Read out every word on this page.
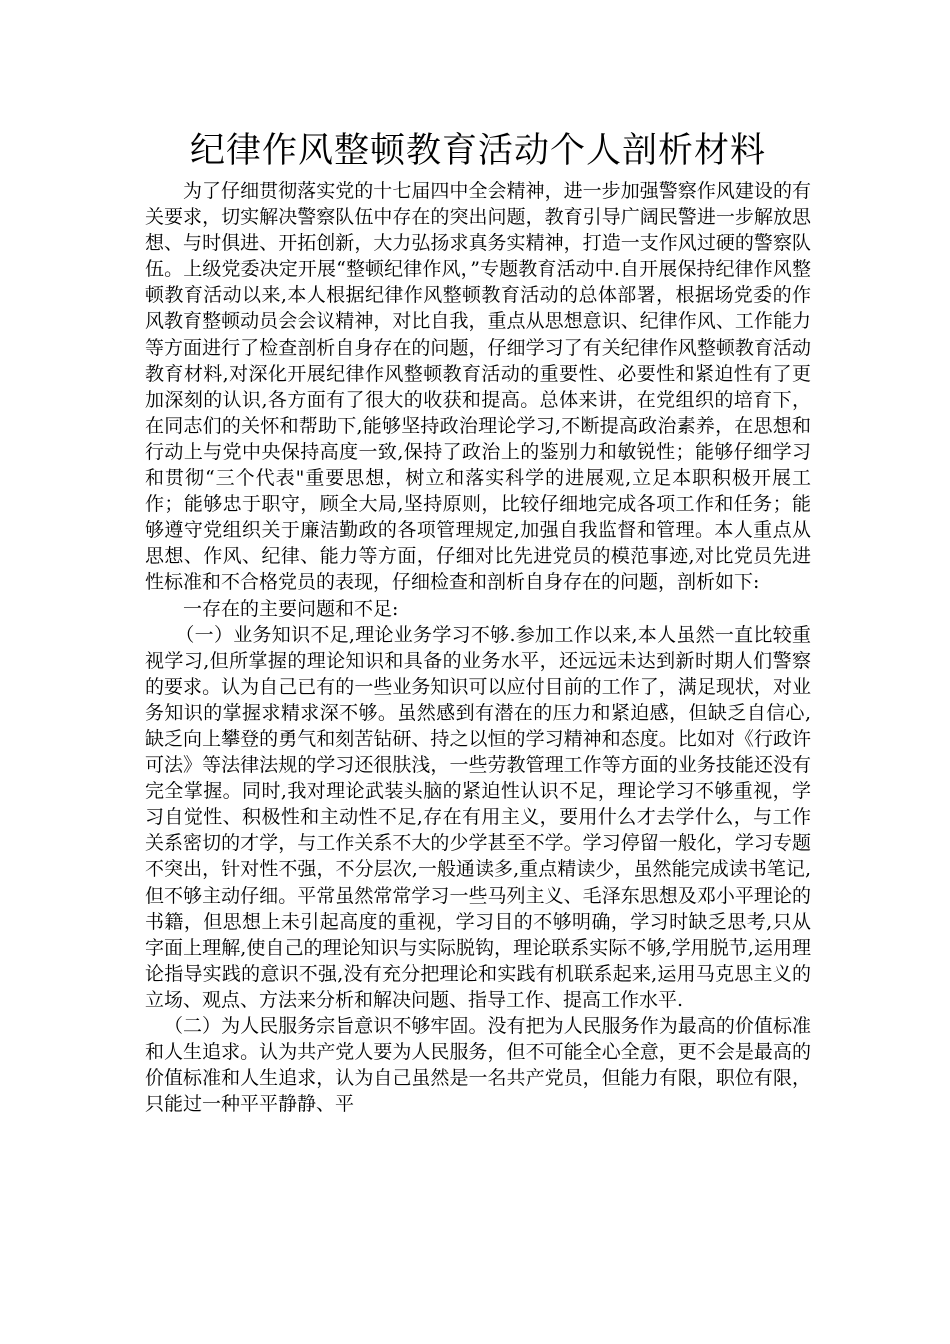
纪律作风整顿教育活动个人剖析材料

为了仔细贯彻落实党的十七届四中全会精神，进一步加强警察作风建设的有关要求，切实解决警察队伍中存在的突出问题，教育引导广阔民警进一步解放思想、与时俱进、开拓创新，大力弘扬求真务实精神，打造一支作风过硬的警察队伍。上级党委决定开展“整顿纪律作风，”专题教育活动中.自开展保持纪律作风整顿教育活动以来,本人根据纪律作风整顿教育活动的总体部署，根据场党委的作风教育整顿动员会会议精神，对比自我，重点从思想意识、纪律作风、工作能力等方面进行了检查剖析自身存在的问题，仔细学习了有关纪律作风整顿教育活动教育材料,对深化开展纪律作风整顿教育活动的重要性、必要性和紧迫性有了更加深刻的认识,各方面有了很大的收获和提高。总体来讲，在党组织的培育下，在同志们的关怀和帮助下,能够坚持政治理论学习,不断提高政治素养，在思想和行动上与党中央保持高度一致,保持了政治上的鉴别力和敏锐性；能够仔细学习和贯彻“三个代表"重要思想，树立和落实科学的进展观,立足本职积极开展工作；能够忠于职守，顾全大局,坚持原则，比较仔细地完成各项工作和任务；能够遵守党组织关于廉洁勤政的各项管理规定,加强自我监督和管理。本人重点从思想、作风、纪律、能力等方面，仔细对比先进党员的模范事迹,对比党员先进性标准和不合格党员的表现，仔细检查和剖析自身存在的问题，剖析如下:

一存在的主要问题和不足:

（一）业务知识不足,理论业务学习不够.参加工作以来,本人虽然一直比较重视学习,但所掌握的理论知识和具备的业务水平，还远远未达到新时期人们警察的要求。认为自己已有的一些业务知识可以应付目前的工作了，满足现状，对业务知识的掌握求精求深不够。虽然感到有潜在的压力和紧迫感，但缺乏自信心,缺乏向上攀登的勇气和刻苦钻研、持之以恒的学习精神和态度。比如对《行政许可法》等法律法规的学习还很肤浅，一些劳教管理工作等方面的业务技能还没有完全掌握。同时,我对理论武装头脑的紧迫性认识不足，理论学习不够重视，学习自觉性、积极性和主动性不足,存在有用主义，要用什么才去学什么，与工作关系密切的才学，与工作关系不大的少学甚至不学。学习停留一般化，学习专题不突出，针对性不强，不分层次,一般通读多,重点精读少，虽然能完成读书笔记,但不够主动仔细。平常虽然常常学习一些马列主义、毛泽东思想及邓小平理论的书籍，但思想上未引起高度的重视，学习目的不够明确，学习时缺乏思考,只从字面上理解,使自己的理论知识与实际脱钩，理论联系实际不够,学用脱节,运用理论指导实践的意识不强,没有充分把理论和实践有机联系起来,运用马克思主义的立场、观点、方法来分析和解决问题、指导工作、提高工作水平.

（二）为人民服务宗旨意识不够牢固。没有把为人民服务作为最高的价值标准和人生追求。认为共产党人要为人民服务，但不可能全心全意，更不会是最高的价值标准和人生追求，认为自己虽然是一名共产党员，但能力有限，职位有限，只能过一种平平静静、平
